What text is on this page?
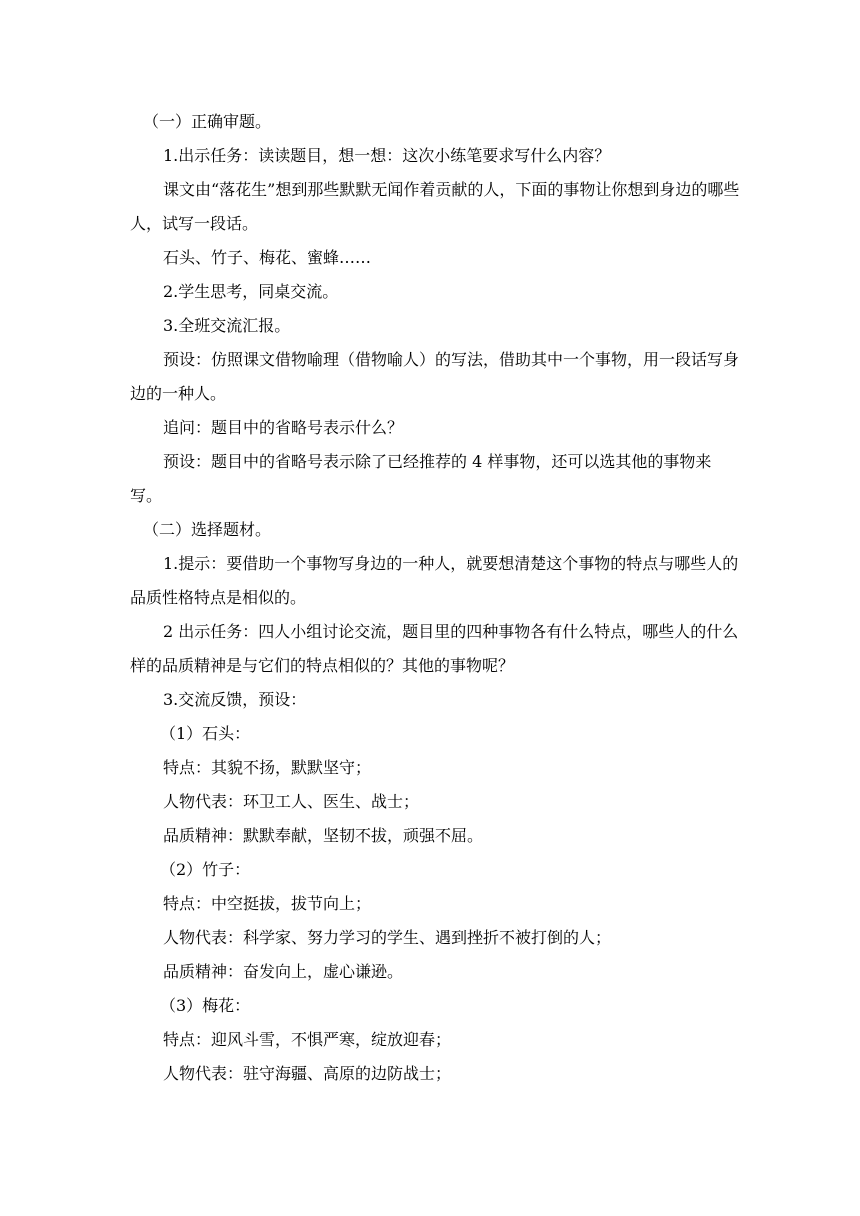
（一）正确审题。

1.出示任务：读读题目，想一想：这次小练笔要求写什么内容？

课文由“落花生”想到那些默默无闻作着贡献的人，下面的事物让你想到身边的哪些人，试写一段话。

石头、竹子、梅花、蜜蜂……

2.学生思考，同桌交流。

3.全班交流汇报。

预设：仿照课文借物喻理（借物喻人）的写法，借助其中一个事物，用一段话写身边的一种人。

追问：题目中的省略号表示什么？

预设：题目中的省略号表示除了已经推荐的 4 样事物，还可以选其他的事物来写。

（二）选择题材。

1.提示：要借助一个事物写身边的一种人，就要想清楚这个事物的特点与哪些人的品质性格特点是相似的。

2 出示任务：四人小组讨论交流，题目里的四种事物各有什么特点，哪些人的什么样的品质精神是与它们的特点相似的？其他的事物呢？

3.交流反馈，预设：

（1）石头：

特点：其貌不扬，默默坚守；

人物代表：环卫工人、医生、战士；

品质精神：默默奉献，坚韧不拔，顽强不屈。

（2）竹子：

特点：中空挺拔，拔节向上；

人物代表：科学家、努力学习的学生、遇到挫折不被打倒的人；

品质精神：奋发向上，虚心谦逊。

（3）梅花：

特点：迎风斗雪，不惧严寒，绽放迎春；

人物代表：驻守海疆、高原的边防战士；
